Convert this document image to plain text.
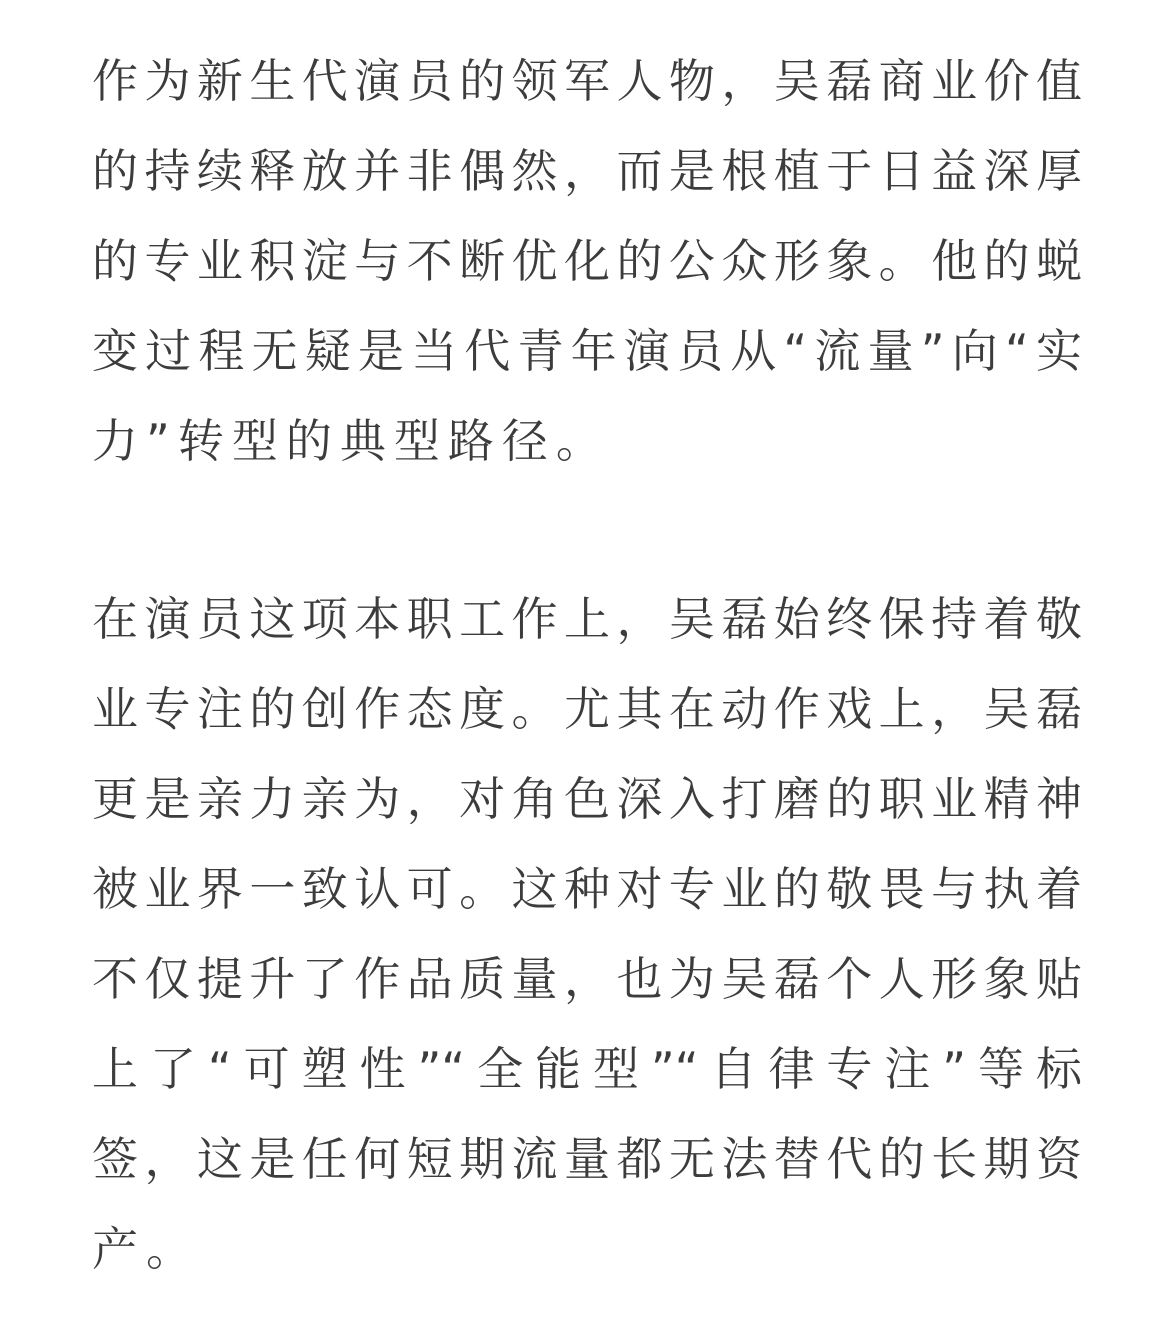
作为新生代演员的领军人物，吴磊商业价值
的持续释放并非偶然，而是根植于日益深厚
的专业积淀与不断优化的公众形象。他的蜕
变过程无疑是当代青年演员从“流量”向“实
力”转型的典型路径。
在演员这项本职工作上，吴磊始终保持着敬
业专注的创作态度。尤其在动作戏上，吴磊
更是亲力亲为，对角色深入打磨的职业精神
被业界一致认可。这种对专业的敬畏与执着
不仅提升了作品质量，也为吴磊个人形象贴
上了“可塑性”“全能型”“自律专注”等标
签，这是任何短期流量都无法替代的长期资
产。
